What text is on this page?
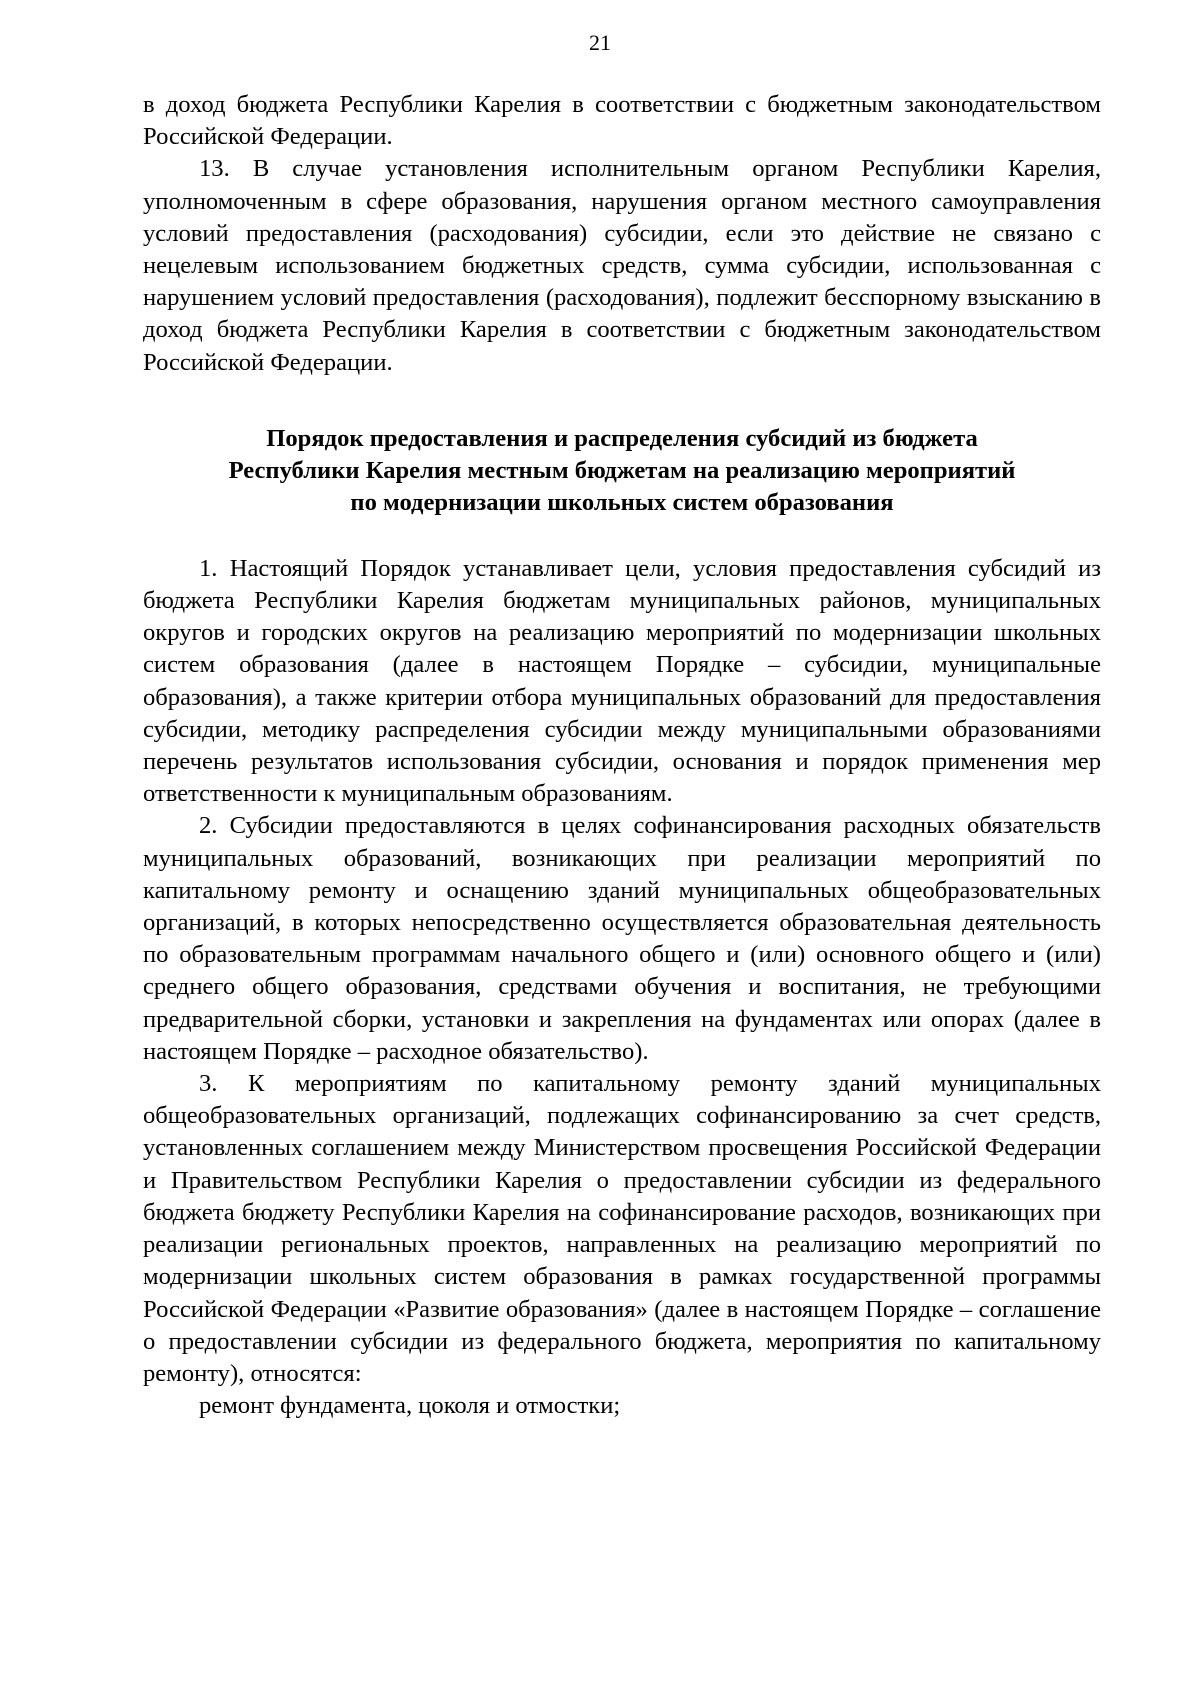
21

в доход бюджета Республики Карелия в соответствии с бюджетным законодательством Российской Федерации.

13. В случае установления исполнительным органом Республики Карелия, уполномоченным в сфере образования, нарушения органом местного самоуправления условий предоставления (расходования) субсидии, если это действие не связано с нецелевым использованием бюджетных средств, сумма субсидии, использованная с нарушением условий предоставления (расходования), подлежит бесспорному взысканию в доход бюджета Республики Карелия в соответствии с бюджетным законодательством Российской Федерации.

Порядок предоставления и распределения субсидий из бюджета
Республики Карелия местным бюджетам на реализацию мероприятий
по модернизации школьных систем образования

1. Настоящий Порядок устанавливает цели, условия предоставления субсидий из бюджета Республики Карелия бюджетам муниципальных районов, муниципальных округов и городских округов на реализацию мероприятий по модернизации школьных систем образования (далее в настоящем Порядке – субсидии, муниципальные образования), а также критерии отбора муниципальных образований для предоставления субсидии, методику распределения субсидии между муниципальными образованиями перечень результатов использования субсидии, основания и порядок применения мер ответственности к муниципальным образованиям.

2. Субсидии предоставляются в целях софинансирования расходных обязательств муниципальных образований, возникающих при реализации мероприятий по капитальному ремонту и оснащению зданий муниципальных общеобразовательных организаций, в которых непосредственно осуществляется образовательная деятельность по образовательным программам начального общего и (или) основного общего и (или) среднего общего образования, средствами обучения и воспитания, не требующими предварительной сборки, установки и закрепления на фундаментах или опорах (далее в настоящем Порядке – расходное обязательство).

3. К мероприятиям по капитальному ремонту зданий муниципальных общеобразовательных организаций, подлежащих софинансированию за счет средств, установленных соглашением между Министерством просвещения Российской Федерации и Правительством Республики Карелия о предоставлении субсидии из федерального бюджета бюджету Республики Карелия на софинансирование расходов, возникающих при реализации региональных проектов, направленных на реализацию мероприятий по модернизации школьных систем образования в рамках государственной программы Российской Федерации «Развитие образования» (далее в настоящем Порядке – соглашение о предоставлении субсидии из федерального бюджета, мероприятия по капитальному ремонту), относятся:

ремонт фундамента, цоколя и отмостки;
